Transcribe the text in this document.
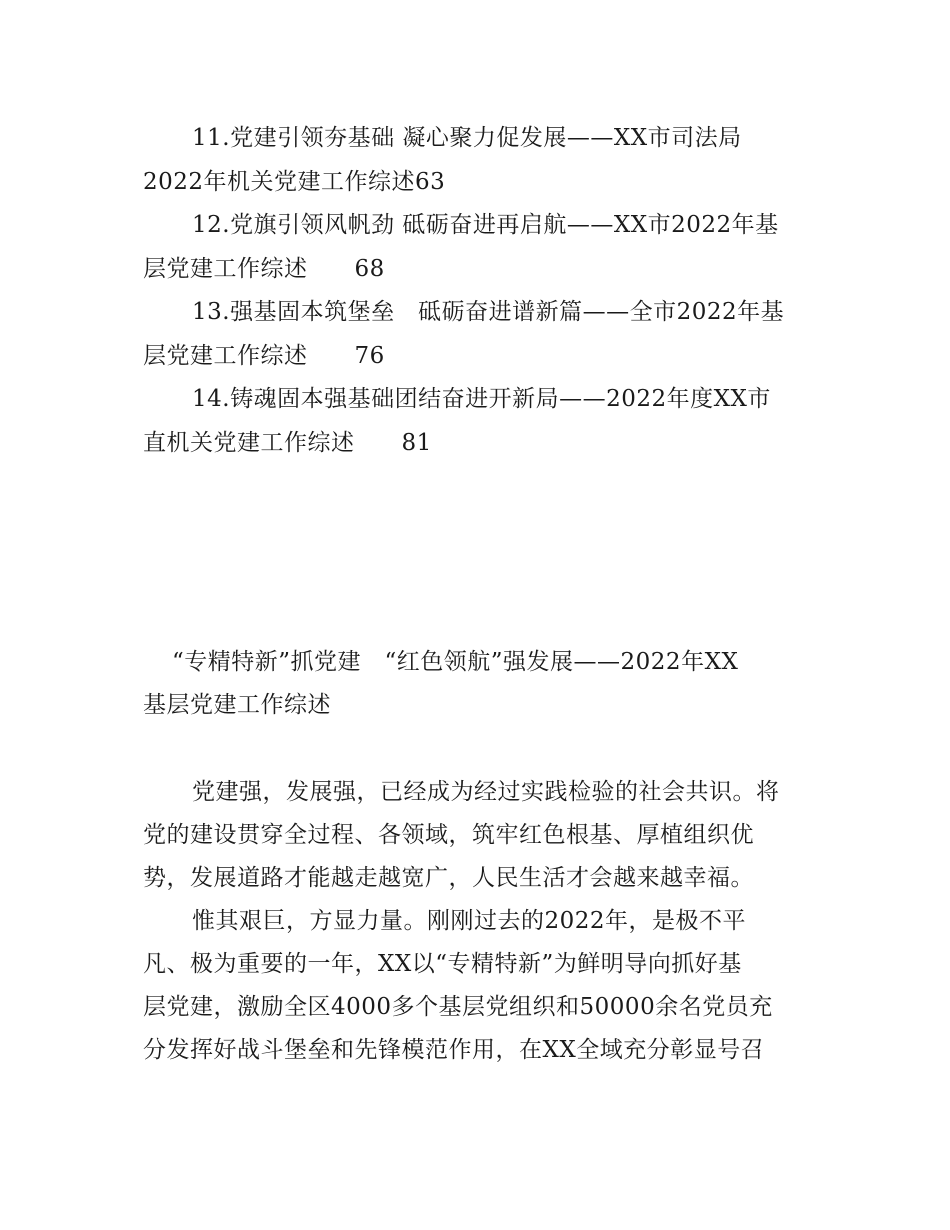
11.党建引领夯基础 凝心聚力促发展——XX市司法局
2022年机关党建工作综述63
12.党旗引领风帆劲 砥砺奋进再启航——XX市2022年基
层党建工作综述　　68
13.强基固本筑堡垒　砥砺奋进谱新篇——全市2022年基
层党建工作综述　　76
14.铸魂固本强基础团结奋进开新局——2022年度XX市
直机关党建工作综述　　81
“专精特新”抓党建　“红色领航”强发展——2022年XX
基层党建工作综述
党建强，发展强，已经成为经过实践检验的社会共识。将
党的建设贯穿全过程、各领域，筑牢红色根基、厚植组织优
势，发展道路才能越走越宽广，人民生活才会越来越幸福。
惟其艰巨，方显力量。刚刚过去的2022年，是极不平
凡、极为重要的一年，XX以“专精特新”为鲜明导向抓好基
层党建，激励全区4000多个基层党组织和50000余名党员充
分发挥好战斗堡垒和先锋模范作用，在XX全域充分彰显号召
